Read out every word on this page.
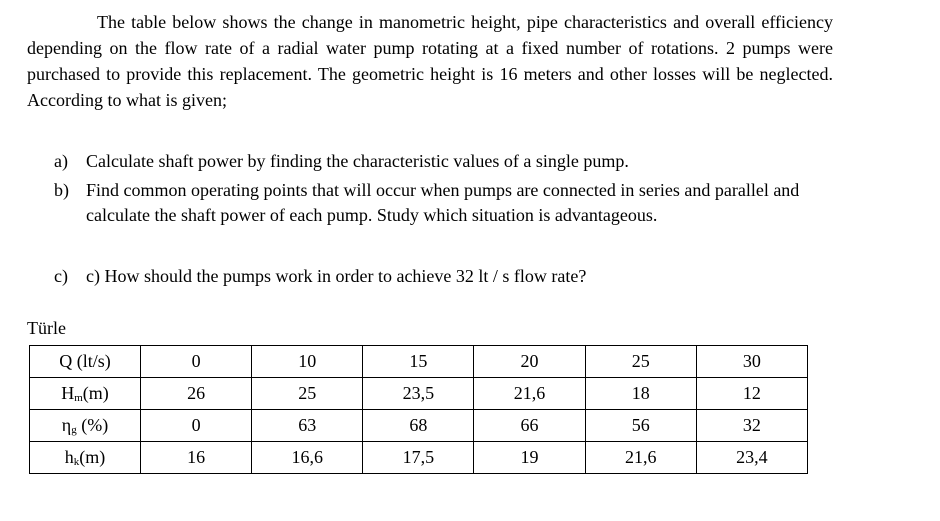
The table below shows the change in manometric height, pipe characteristics and overall efficiency depending on the flow rate of a radial water pump rotating at a fixed number of rotations. 2 pumps were purchased to provide this replacement. The geometric height is 16 meters and other losses will be neglected. According to what is given;

a) Calculate shaft power by finding the characteristic values of a single pump.
b) Find common operating points that will occur when pumps are connected in series and parallel and calculate the shaft power of each pump. Study which situation is advantageous.
c) c) How should the pumps work in order to achieve 32 lt / s flow rate?

Türle

Q (lt/s)	0	10	15	20	25	30
$H_m(m)$	26	25	23,5	21,6	18	12
$\eta_g$ (%)	0	63	68	66	56	32
$h_k(m)$	16	16,6	17,5	19	21,6	23,4
